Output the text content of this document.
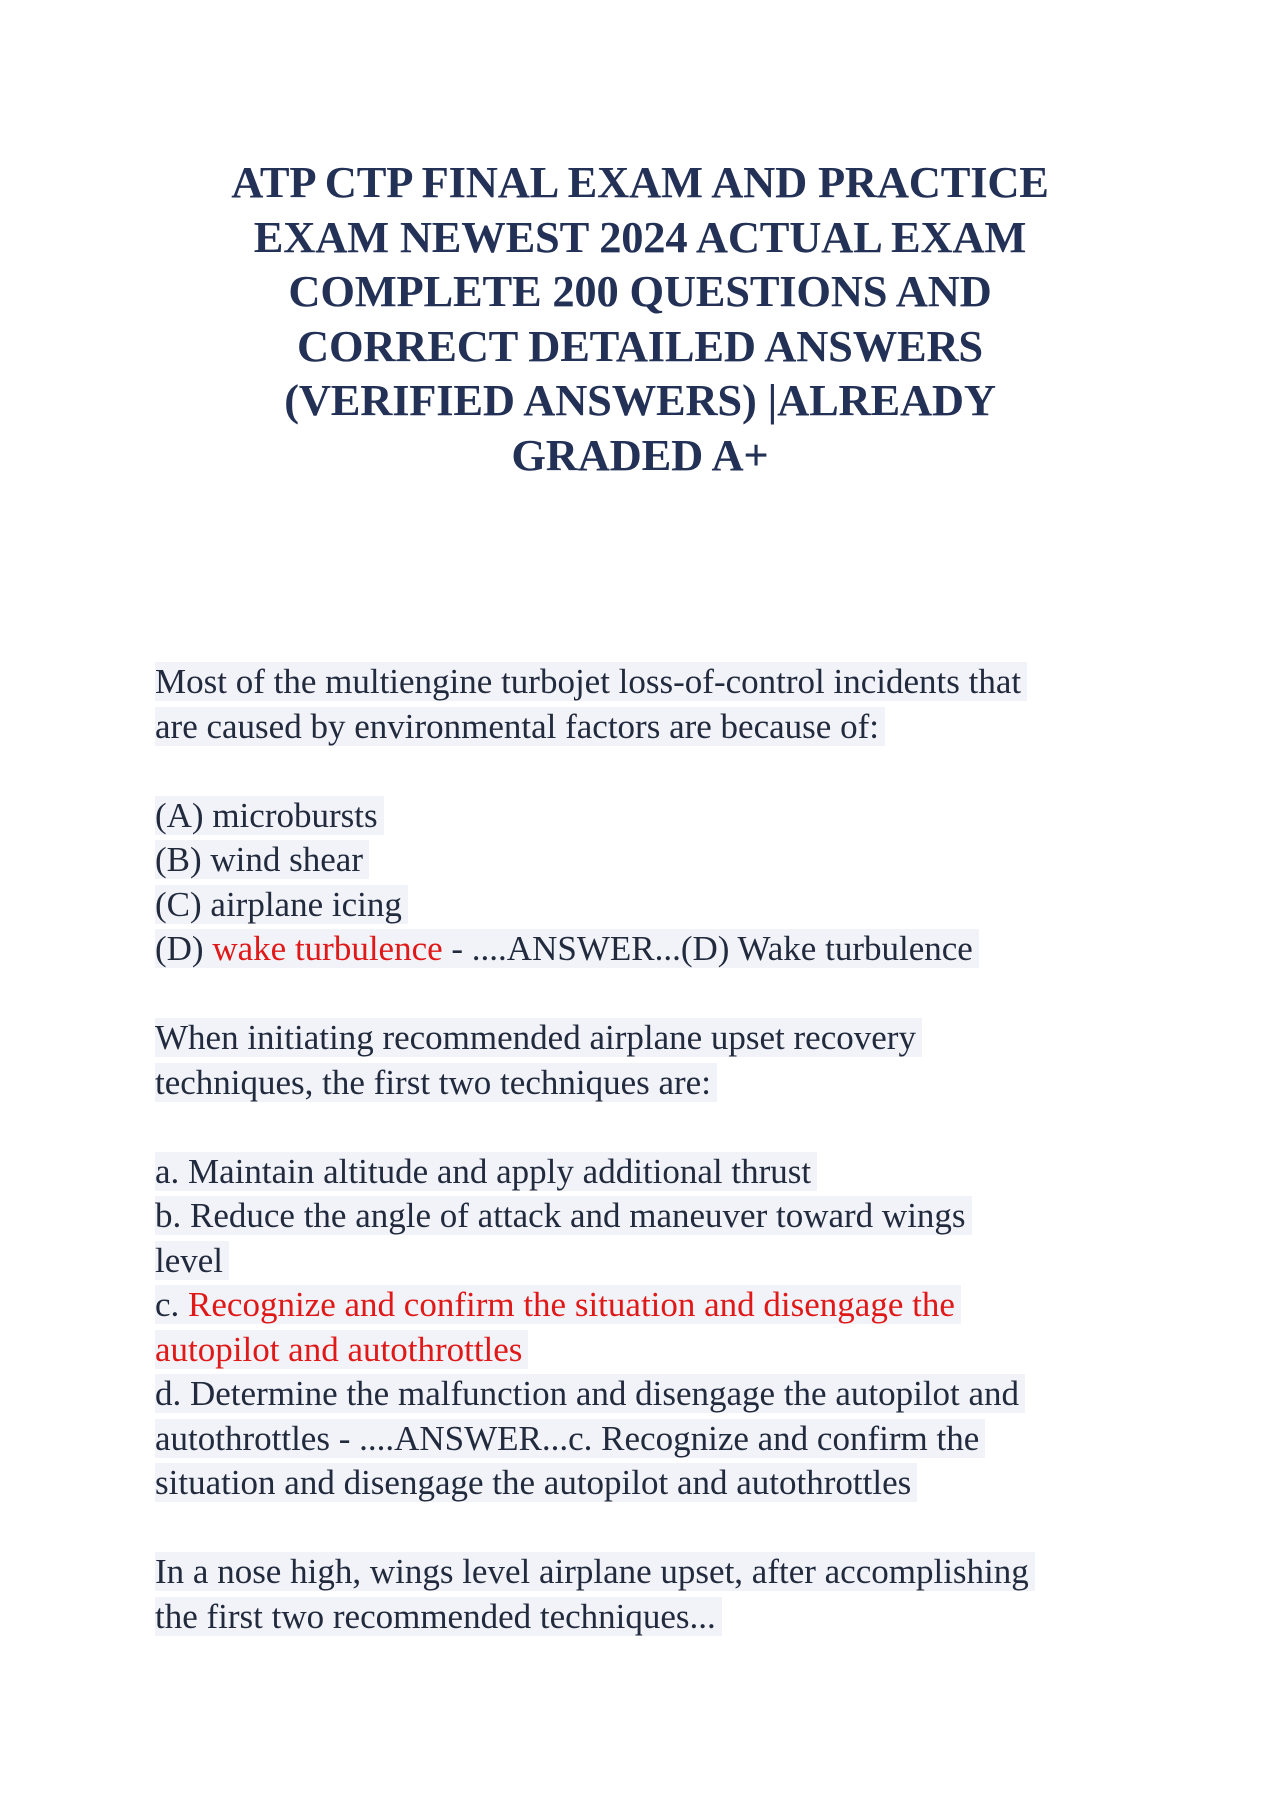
ATP CTP FINAL EXAM AND PRACTICE
EXAM NEWEST 2024 ACTUAL EXAM
COMPLETE 200 QUESTIONS AND
CORRECT DETAILED ANSWERS
(VERIFIED ANSWERS) |ALREADY
GRADED A+
Most of the multiengine turbojet loss-of-control incidents that
are caused by environmental factors are because of:
(A) microbursts
(B) wind shear
(C) airplane icing
(D) wake turbulence - ....ANSWER...(D) Wake turbulence
When initiating recommended airplane upset recovery
techniques, the first two techniques are:
a. Maintain altitude and apply additional thrust
b. Reduce the angle of attack and maneuver toward wings
level
c. Recognize and confirm the situation and disengage the
autopilot and autothrottles
d. Determine the malfunction and disengage the autopilot and
autothrottles - ....ANSWER...c. Recognize and confirm the
situation and disengage the autopilot and autothrottles
In a nose high, wings level airplane upset, after accomplishing
the first two recommended techniques...
